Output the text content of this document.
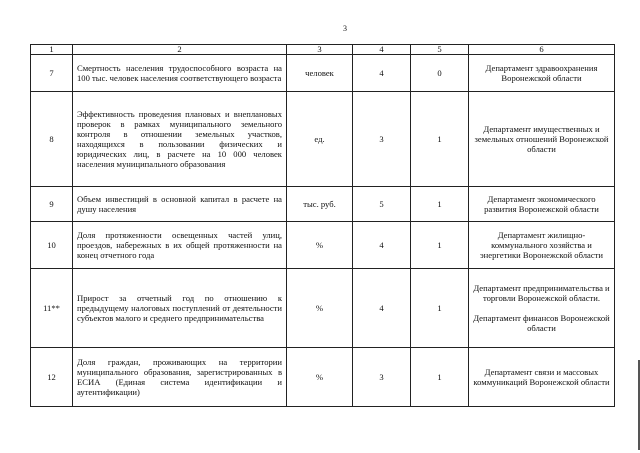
3
1	2	3	4	5	6
7	Смертность населения трудоспособного возраста на 100 тыс. человек населения соответствующего возраста	человек	4	0	Департамент здравоохранения Воронежской области
8	Эффективность проведения плановых и внеплановых проверок в рамках муниципального земельного контроля в отношении земельных участков, находящихся в пользовании физических и юридических лиц, в расчете на 10 000 человек населения муниципального образования	ед.	3	1	Департамент имущественных и земельных отношений Воронежской области
9	Объем инвестиций в основной капитал в расчете на душу населения	тыс. руб.	5	1	Департамент экономического развития Воронежской области
10	Доля протяженности освещенных частей улиц, проездов, набережных в их общей протяженности на конец отчетного года	%	4	1	Департамент жилищно-коммунального хозяйства и энергетики Воронежской области
11**	Прирост за отчетный год по отношению к предыдущему налоговых поступлений от деятельности субъектов малого и среднего предпринимательства	%	4	1	Департамент предпринимательства и торговли Воронежской области.
Департамент финансов Воронежской области

12	Доля граждан, проживающих на территории муниципального образования, зарегистрированных в ЕСИА (Единая система идентификации и аутентификации)	%	3	1	Департамент связи и массовых коммуникаций Воронежской области
